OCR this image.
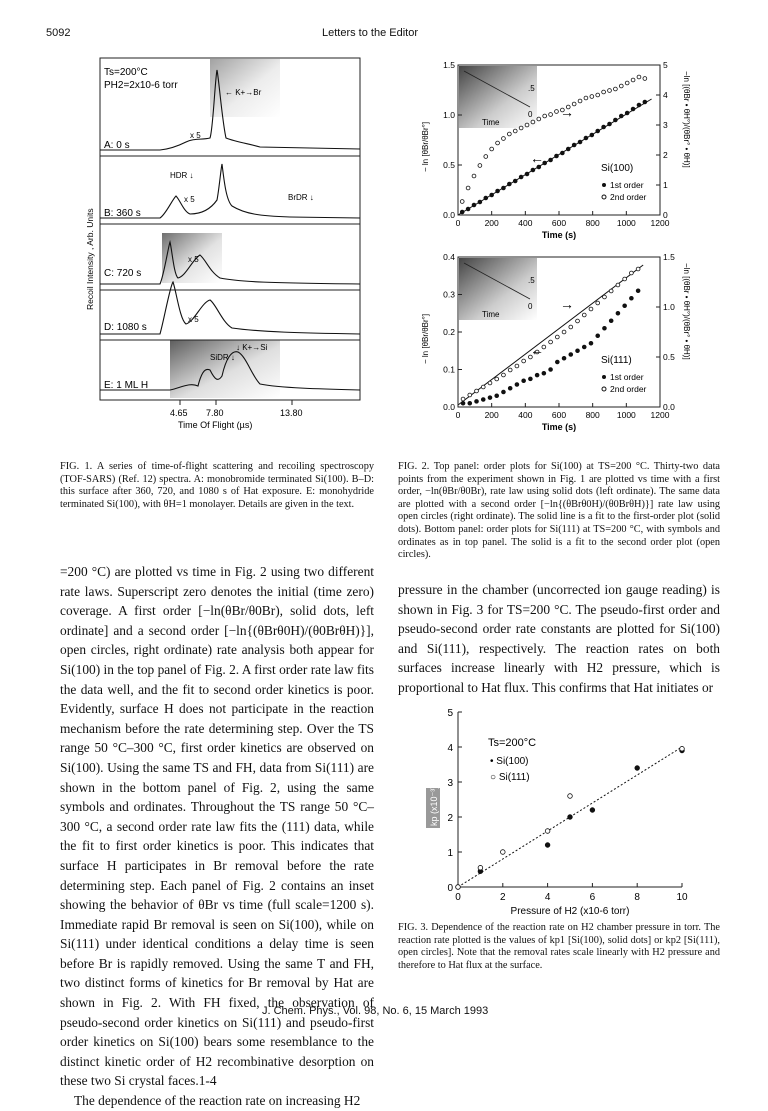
5092	Letters to the Editor
4.65 7.80	13.80
Time Of Flight (µs)
Recoil Intensity , Arb. Units
Ts=200°C
PH2=2x10-6 torr
A: 0 s
B: 360 s
C: 720 s
D: 1080 s
E: 1 ML H
x 5
← K+→Br
HDR ↓
x 5	BrDR ↓
x 5
x 5
SiDR ↓
↓ K+→Si
.5
0
Time
0	200 400 600 800 1000 1200
Time (s)
0.0
0.5
1.0
1.5
0
1
2
3
4
5
− ln [θBr/θBr°]	−ln [(θBr • θH°)/(θBr° • θH)]
Si(100)
1st order
2nd order
→
←
.5
0
Time
0	200 400 600 800 1000 1200
Time (s)
0.0
0.1
0.2
0.3
0.4
0.0
0.5
1.0
1.5
− ln [θBr/θBr°]	−ln [(θBr • θH°)/(θBr° • θH)]
Si(111)
1st order
2nd order
→
←
FIG. 1. A series of time-of-flight scattering and recoiling spectroscopy (TOF-SARS) (Ref. 12) spectra. A: monobromide terminated Si(100). B–D: this surface after 360, 720, and 1080 s of Hat exposure. E: monohydride terminated Si(100), with θH=1 monolayer. Details are given in the text.
FIG. 2. Top panel: order plots for Si(100) at TS=200 °C. Thirty-two data points from the experiment shown in Fig. 1 are plotted vs time with a first order, −ln(θBr/θ0Br), rate law using solid dots (left ordinate). The same data are plotted with a second order [−ln{(θBrθ0H)/(θ0BrθH)}] rate law using open circles (right ordinate). The solid line is a fit to the first-order plot (solid dots). Bottom panel: order plots for Si(111) at TS=200 °C, with symbols and ordinates as in top panel. The solid is a fit to the second order plot (open circles).

=200 °C) are plotted vs time in Fig. 2 using two different rate laws. Superscript zero denotes the initial (time zero) coverage. A first order [−ln(θBr/θ0Br), solid dots, left ordinate] and a second order [−ln{(θBrθ0H)/(θ0BrθH)}], open circles, right ordinate) rate analysis both appear for Si(100) in the top panel of Fig. 2. A first order rate law fits the data well, and the fit to second order kinetics is poor. Evidently, surface H does not participate in the reaction mechanism before the rate determining step. Over the TS range 50 °C–300 °C, first order kinetics are observed on Si(100). Using the same TS and FH, data from Si(111) are shown in the bottom panel of Fig. 2, using the same symbols and ordinates. Throughout the TS range 50 °C–300 °C, a second order rate law fits the (111) data, while the fit to first order kinetics is poor. This indicates that surface H participates in Br removal before the rate determining step. Each panel of Fig. 2 contains an inset showing the behavior of θBr vs time (full scale=1200 s). Immediate rapid Br removal is seen on Si(100), while on Si(111) under identical conditions a delay time is seen before Br is rapidly removed. Using the same T and FH, two distinct forms of kinetics for Br removal by Hat are shown in Fig. 2. With FH fixed, the observation of pseudo-second order kinetics on Si(111) and pseudo-first order kinetics on Si(100) bears some resemblance to the distinct kinetic order of H2 recombinative desorption on these two Si crystal faces.1-4

The dependence of the reaction rate on increasing H2

pressure in the chamber (uncorrected ion gauge reading) is shown in Fig. 3 for TS=200 °C. The pseudo-first order and pseudo-second order rate constants are plotted for Si(100) and Si(111), respectively. The reaction rates on both surfaces increase linearly with H2 pressure, which is proportional to Hat flux. This confirms that Hat initiates or

0	2	4	6	8	10
0
1
2
3
4
5
Ts=200°C
• Si(100)
○ Si(111)
Pressure of H2 (x10-6 torr)
kp (x10⁻³)
FIG. 3. Dependence of the reaction rate on H2 chamber pressure in torr. The reaction rate plotted is the values of kp1 [Si(100), solid dots] or kp2 [Si(111), open circles]. Note that the removal rates scale linearly with H2 pressure and therefore to Hat flux at the surface.
J. Chem. Phys., Vol. 98, No. 6, 15 March 1993
